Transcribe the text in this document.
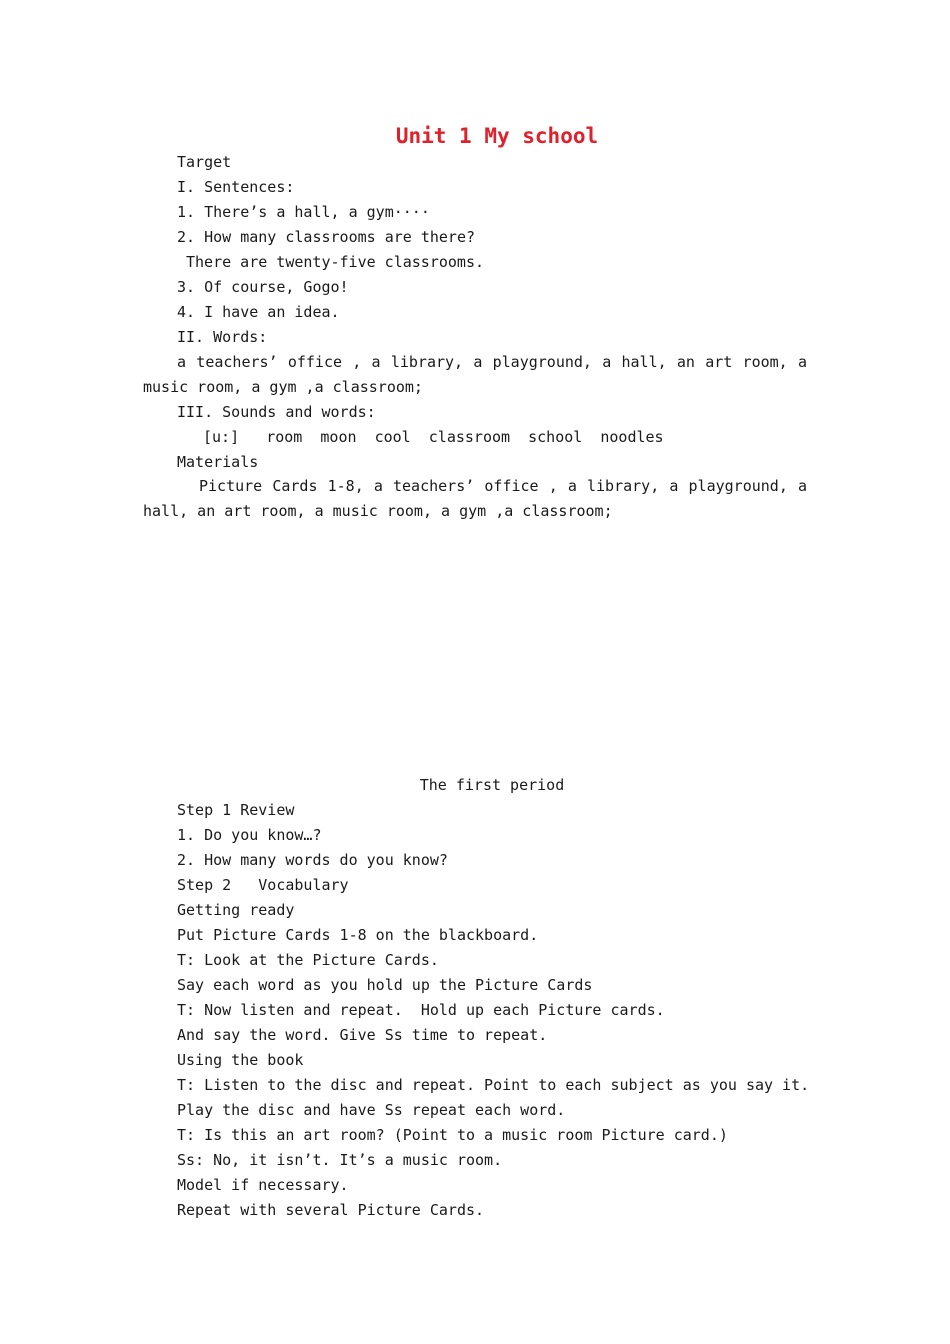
Unit 1 My school
Target
I. Sentences:
1. There’s a hall, a gym····
2. How many classrooms are there?
There are twenty-five classrooms.
3. Of course, Gogo!
4. I have an idea.
II. Words:
a teachers’ office , a library, a playground, a hall, an art room, a music room, a gym ,a classroom;
III. Sounds and words:
[u:]   room  moon  cool  classroom  school  noodles
Materials
Picture Cards 1-8, a teachers’ office , a library, a playground, a hall, an art room, a music room, a gym ,a classroom;
The first period
Step 1 Review
1. Do you know…?
2. How many words do you know?
Step 2   Vocabulary
Getting ready
Put Picture Cards 1-8 on the blackboard.
T: Look at the Picture Cards.
Say each word as you hold up the Picture Cards
T: Now listen and repeat.  Hold up each Picture cards.
And say the word. Give Ss time to repeat.
Using the book
T: Listen to the disc and repeat. Point to each subject as you say it.
Play the disc and have Ss repeat each word.
T: Is this an art room? (Point to a music room Picture card.)
Ss: No, it isn’t. It’s a music room.
Model if necessary.
Repeat with several Picture Cards.
